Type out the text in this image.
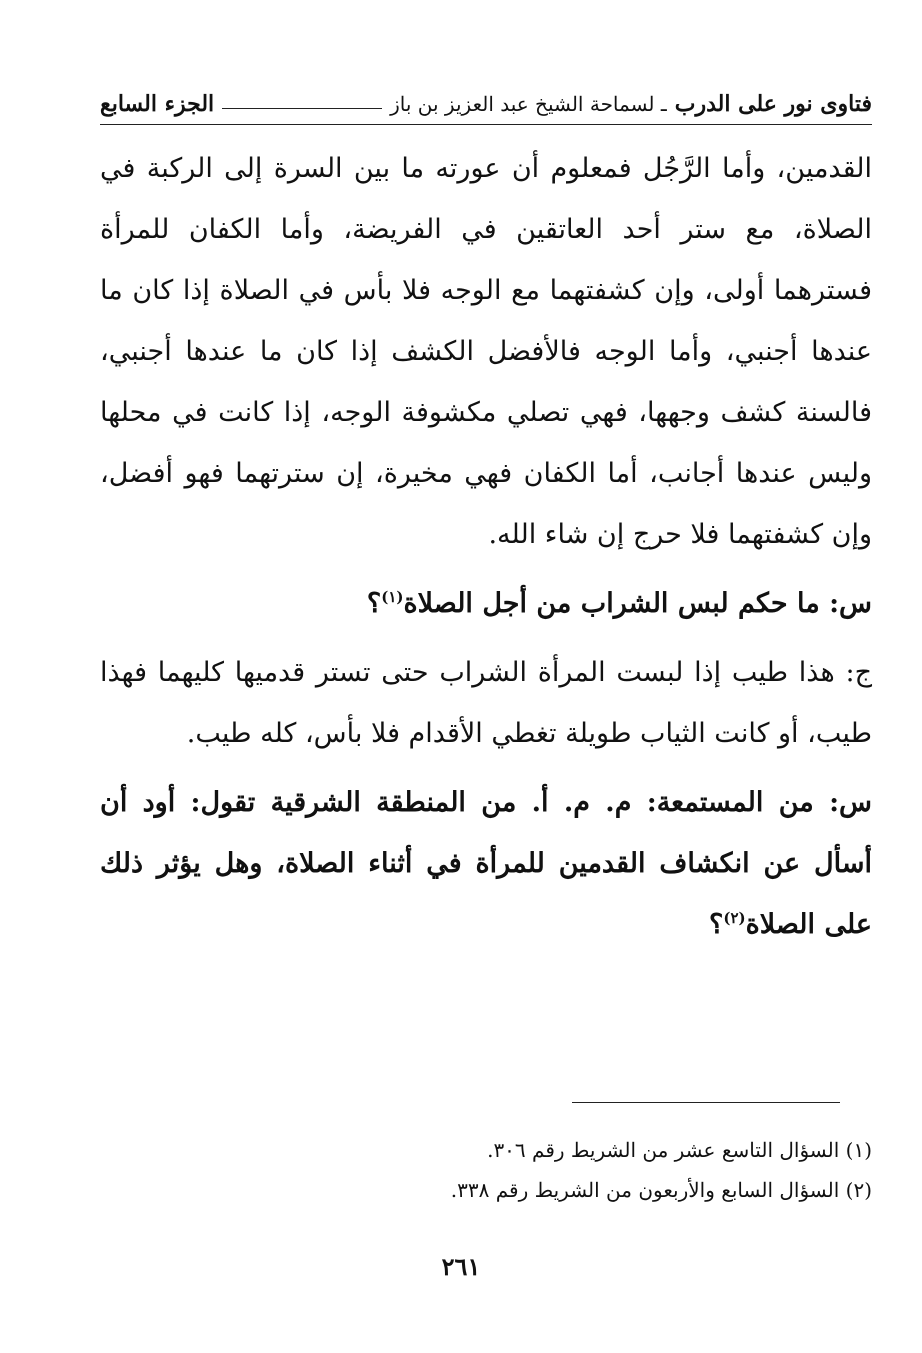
فتاوى نور على الدرب
ـ لسماحة الشيخ عبد العزيز بن باز
الجزء السابع

القدمين، وأما الرَّجُل فمعلوم أن عورته ما بين السرة إلى الركبة في الصلاة، مع ستر أحد العاتقين في الفريضة، وأما الكفان للمرأة فسترهما أولى، وإن كشفتهما مع الوجه فلا بأس في الصلاة إذا كان ما عندها أجنبي، وأما الوجه فالأفضل الكشف إذا كان ما عندها أجنبي، فالسنة كشف وجهها، فهي تصلي مكشوفة الوجه، إذا كانت في محلها وليس عندها أجانب، أما الكفان فهي مخيرة، إن سترتهما فهو أفضل، وإن كشفتهما فلا حرج إن شاء الله.

س: ما حكم لبس الشراب من أجل الصلاة$^{(١)}$؟

ج: هذا طيب إذا لبست المرأة الشراب حتى تستر قدميها كليهما فهذا طيب، أو كانت الثياب طويلة تغطي الأقدام فلا بأس، كله طيب.

س: من المستمعة: م. م. أ. من المنطقة الشرقية تقول: أود أن أسأل عن انكشاف القدمين للمرأة في أثناء الصلاة، وهل يؤثر ذلك على الصلاة$^{(٢)}$؟

(١) السؤال التاسع عشر من الشريط رقم ٣٠٦.

(٢) السؤال السابع والأربعون من الشريط رقم ٣٣٨.

٢٦١
